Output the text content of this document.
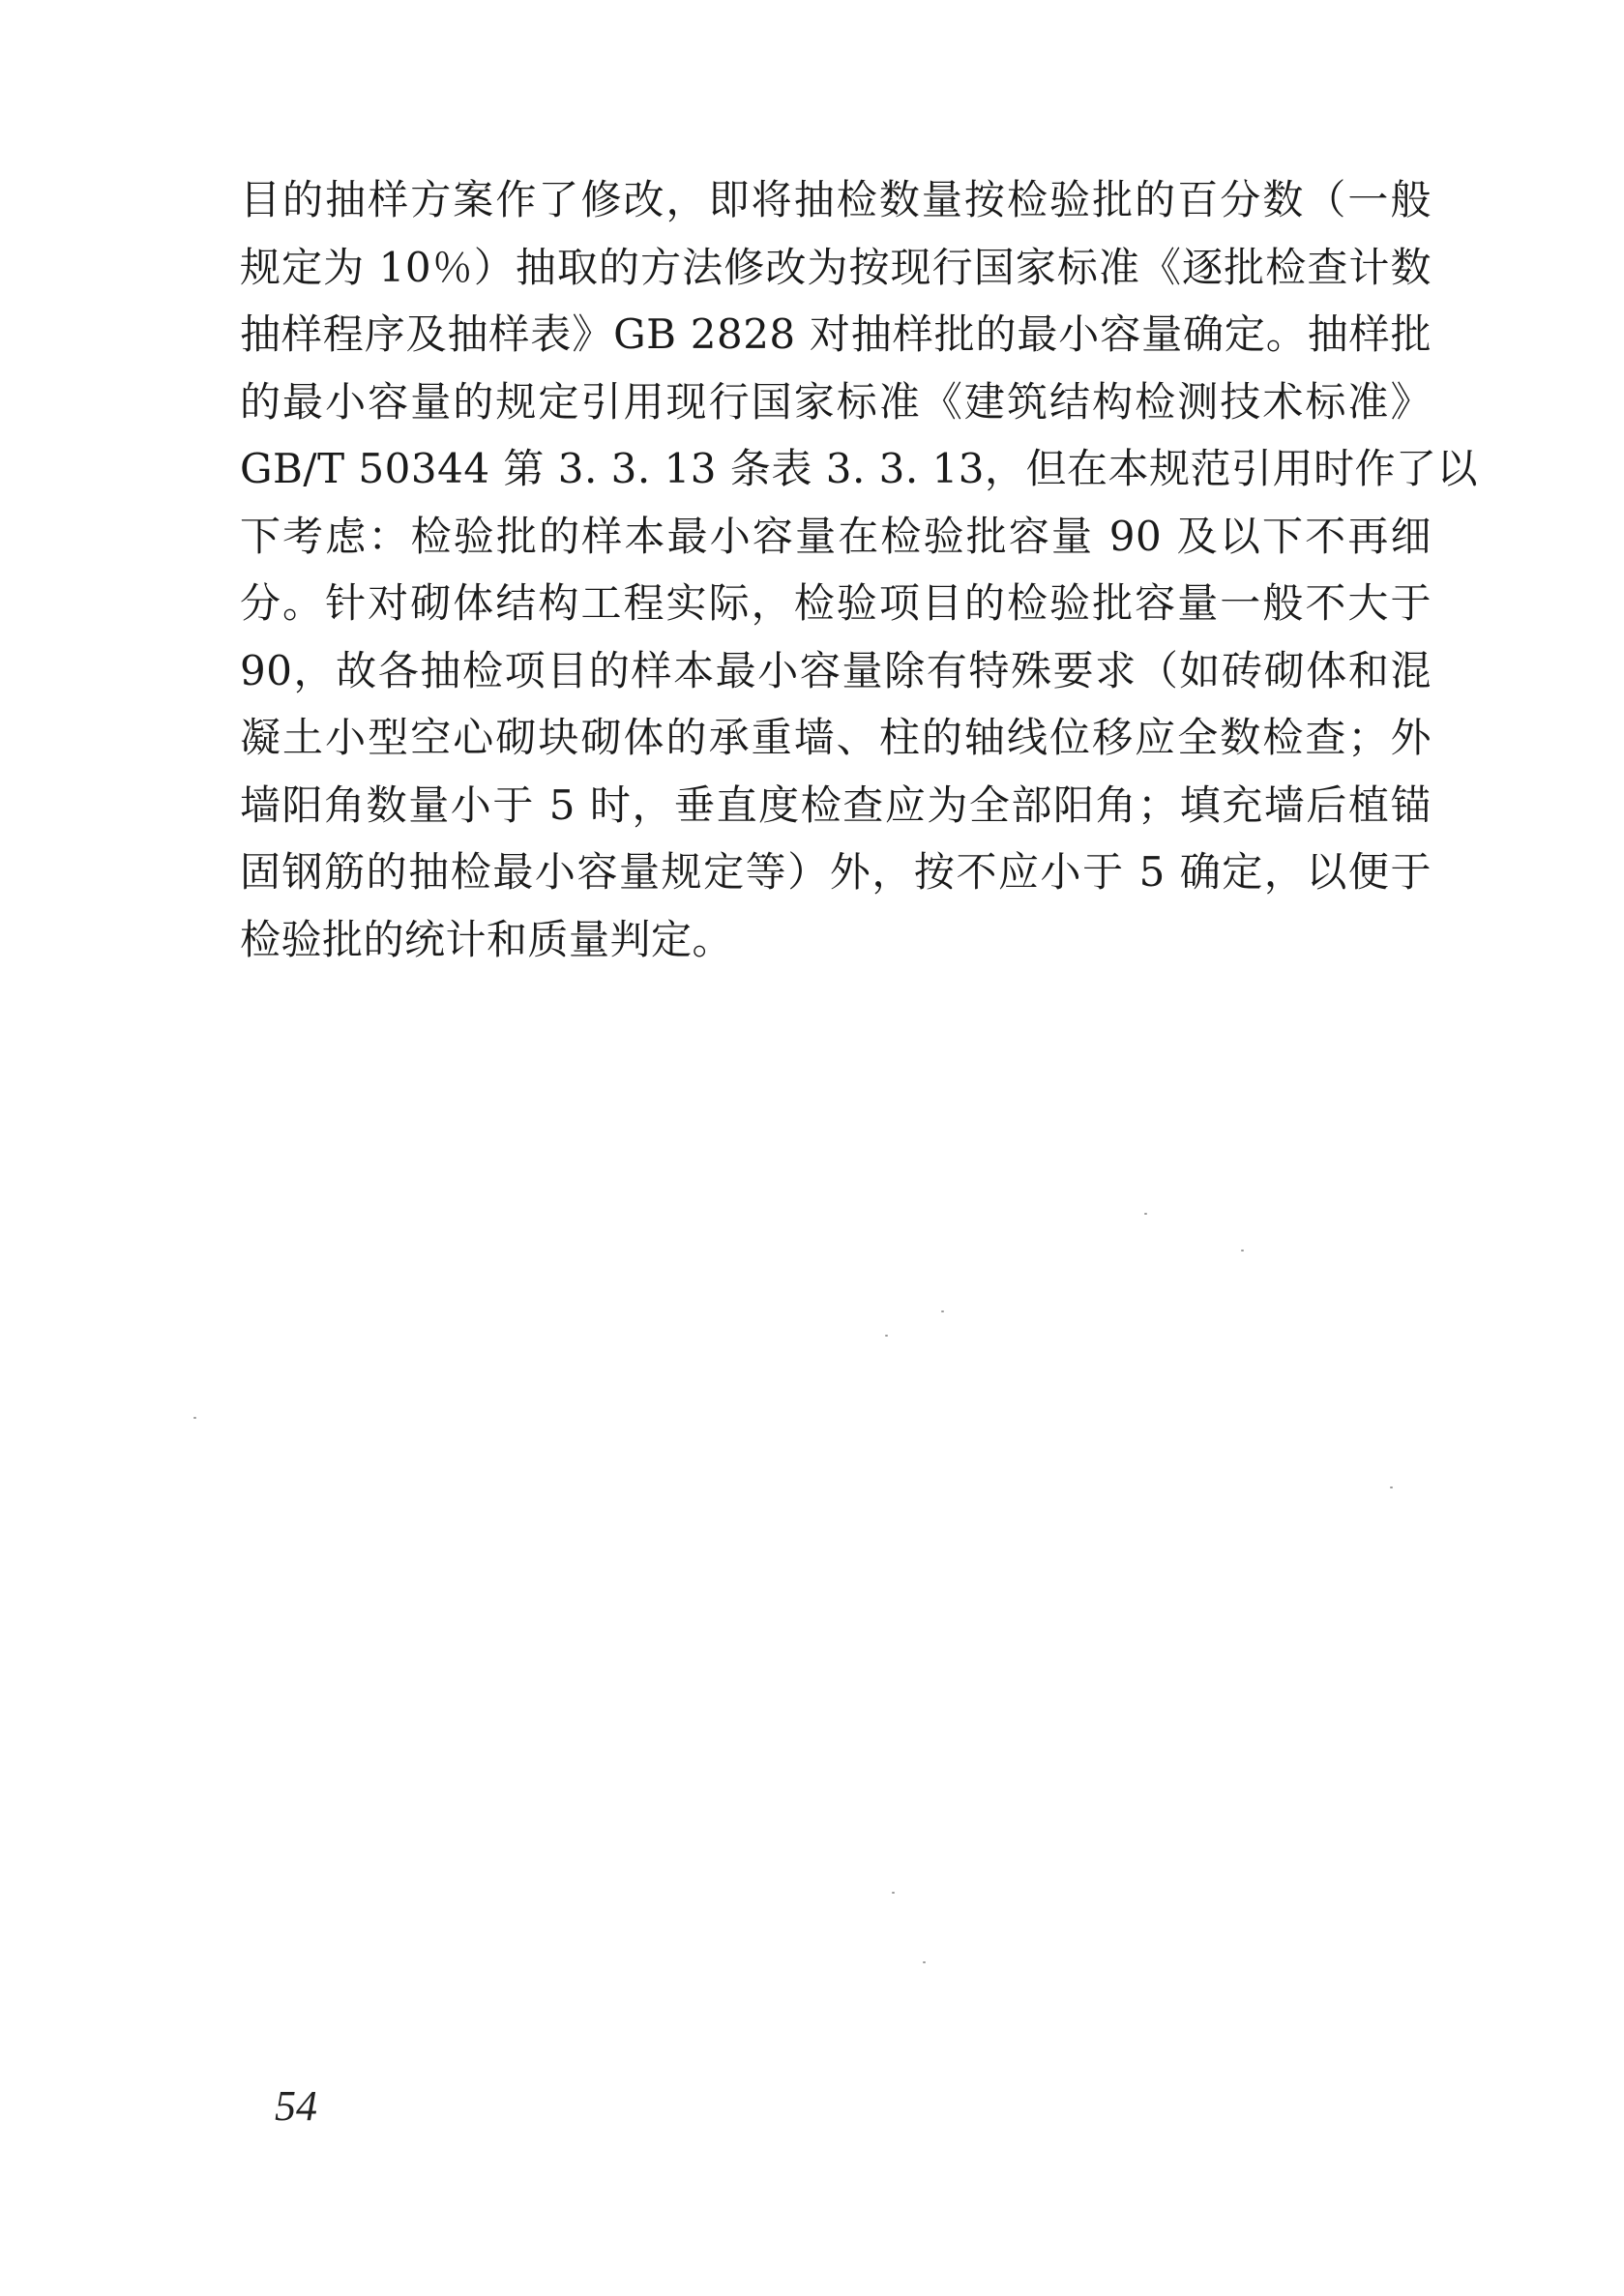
目的抽样方案作了修改，即将抽检数量按检验批的百分数（一般
规定为 10％）抽取的方法修改为按现行国家标准《逐批检查计数
抽样程序及抽样表》GB 2828 对抽样批的最小容量确定。抽样批
的最小容量的规定引用现行国家标准《建筑结构检测技术标准》
GB/T 50344 第 3. 3. 13 条表 3. 3. 13，但在本规范引用时作了以
下考虑：检验批的样本最小容量在检验批容量 90 及以下不再细
分。针对砌体结构工程实际，检验项目的检验批容量一般不大于
90，故各抽检项目的样本最小容量除有特殊要求（如砖砌体和混
凝土小型空心砌块砌体的承重墙、柱的轴线位移应全数检查；外
墙阳角数量小于 5 时，垂直度检查应为全部阳角；填充墙后植锚
固钢筋的抽检最小容量规定等）外，按不应小于 5 确定，以便于
检验批的统计和质量判定。
54
